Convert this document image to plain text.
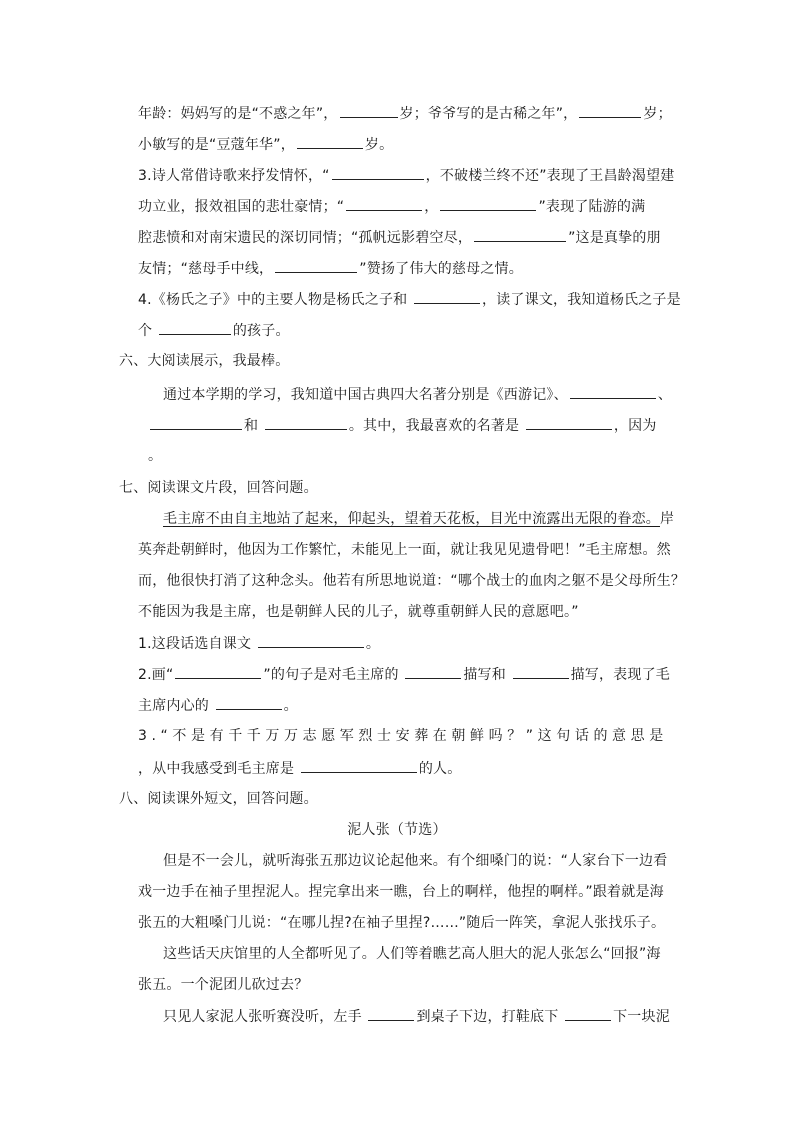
年龄：妈妈写的是“不惑之年”，	岁；爷爷写的是古稀之年”，	岁；
小敏写的是“豆蔻年华”，	岁。
3.诗人常借诗歌来抒发情怀，“	，不破楼兰终不还”表现了王昌龄渴望建
功立业，报效祖国的悲壮豪情；“	，	”表现了陆游的满
腔悲愤和对南宋遗民的深切同情；“孤帆远影碧空尽，	”这是真挚的朋
友情；“慈母手中线，	”赞扬了伟大的慈母之情。
4.《杨氏之子》中的主要人物是杨氏之子和	，读了课文，我知道杨氏之子是
个	的孩子。
六、大阅读展示，我最棒。
通过本学期的学习，我知道中国古典四大名著分别是《西游记》、	、
和	。其中，我最喜欢的名著是	，因为
。
七、阅读课文片段，回答问题。
毛主席不由自主地站了起来，仰起头，望着天花板，目光中流露出无限的眷恋。岸
英奔赴朝鲜时，他因为工作繁忙，未能见上一面，就让我见见遗骨吧！”毛主席想。然
而，他很快打消了这种念头。他若有所思地说道：“哪个战士的血肉之躯不是父母所生？
不能因为我是主席，也是朝鲜人民的儿子，就尊重朝鲜人民的意愿吧。”
1.这段话选自课文	。
2.画“	”的句子是对毛主席的	描写和	描写，表现了毛
主席内心的	。
3.“不是有千千万万志愿军烈士安葬在朝鲜吗？”这句话的意思是
，从中我感受到毛主席是	的人。
八、阅读课外短文，回答问题。
泥人张（节选）
但是不一会儿，就听海张五那边议论起他来。有个细嗓门的说：“人家台下一边看
戏一边手在袖子里捏泥人。捏完拿出来一瞧，台上的啊样，他捏的啊样。”跟着就是海
张五的大粗嗓门儿说：“在哪儿捏?在袖子里捏?……”随后一阵笑，拿泥人张找乐子。
这些话天庆馆里的人全都听见了。人们等着瞧艺高人胆大的泥人张怎么“回报”海
张五。一个泥团儿砍过去？
只见人家泥人张听赛没听，左手	到桌子下边，打鞋底下	下一块泥
